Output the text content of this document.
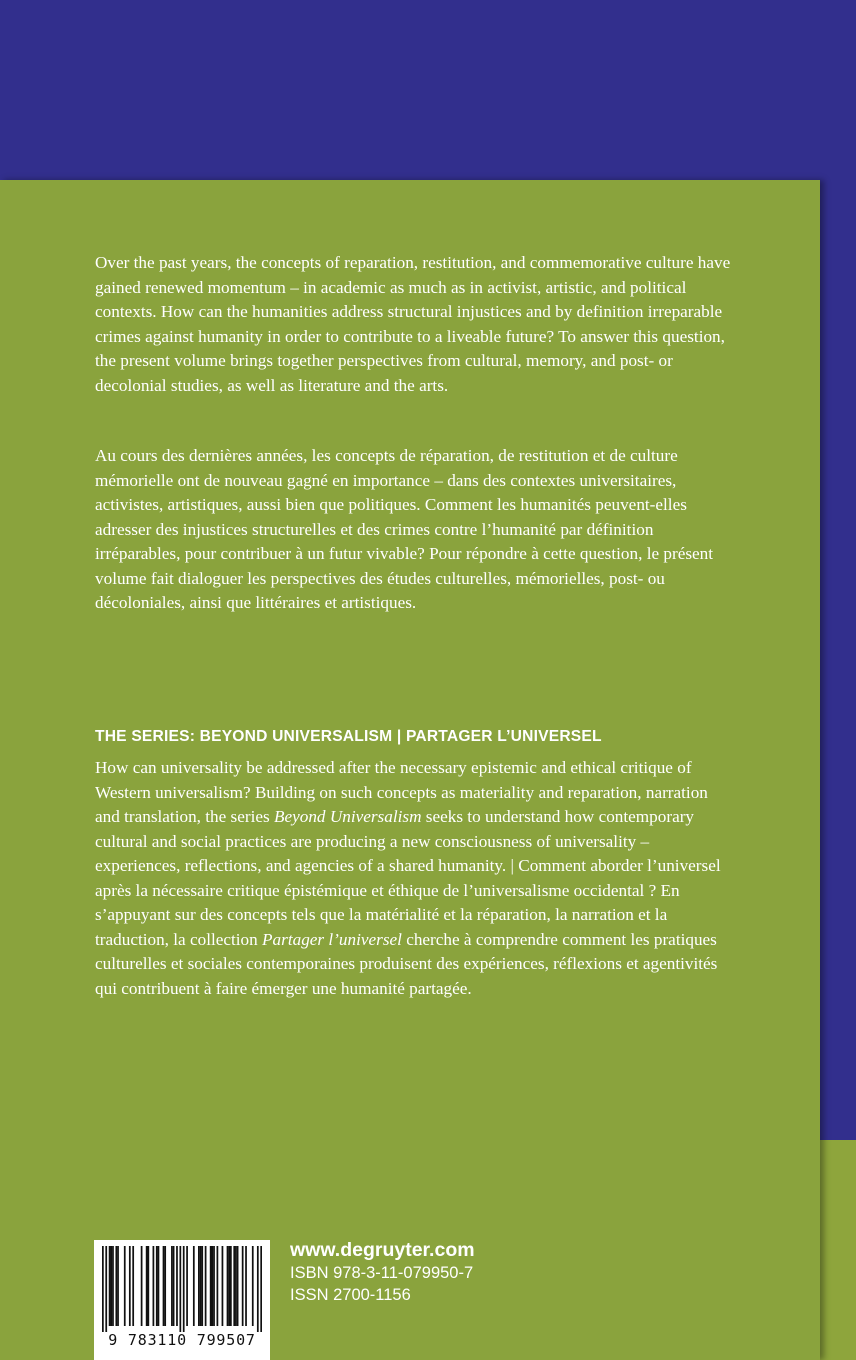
Over the past years, the concepts of reparation, restitution, and commemorative culture have gained renewed momentum – in academic as much as in activist, artistic, and political contexts. How can the humanities address structural injustices and by definition irreparable crimes against humanity in order to contribute to a liveable future? To answer this question, the present volume brings together perspectives from cultural, memory, and post- or decolonial studies, as well as literature and the arts.
Au cours des dernières années, les concepts de réparation, de restitution et de culture mémorielle ont de nouveau gagné en importance – dans des contextes universitaires, activistes, artistiques, aussi bien que politiques. Comment les humanités peuvent-elles adresser des injustices structurelles et des crimes contre l’humanité par définition irréparables, pour contribuer à un futur vivable? Pour répondre à cette question, le présent volume fait dialoguer les perspectives des études culturelles, mémorielles, post- ou décoloniales, ainsi que littéraires et artistiques.
THE SERIES: BEYOND UNIVERSALISM | PARTAGER L’UNIVERSEL
How can universality be addressed after the necessary epistemic and ethical critique of Western universalism? Building on such concepts as materiality and reparation, narration and translation, the series Beyond Universalism seeks to understand how contemporary cultural and social practices are producing a new consciousness of universality – experiences, reflections, and agencies of a shared humanity. | Comment aborder l’universel après la nécessaire critique épistémique et éthique de l’universalisme occidental ? En s’appuyant sur des concepts tels que la matérialité et la réparation, la narration et la traduction, la collection Partager l’universel cherche à comprendre comment les pratiques culturelles et sociales contemporaines produisent des expériences, réflexions et agentivités qui contribuent à faire émerger une humanité partagée.
9 783110 799507
www.degruyter.com
ISBN 978-3-11-079950-7
ISSN 2700-1156
